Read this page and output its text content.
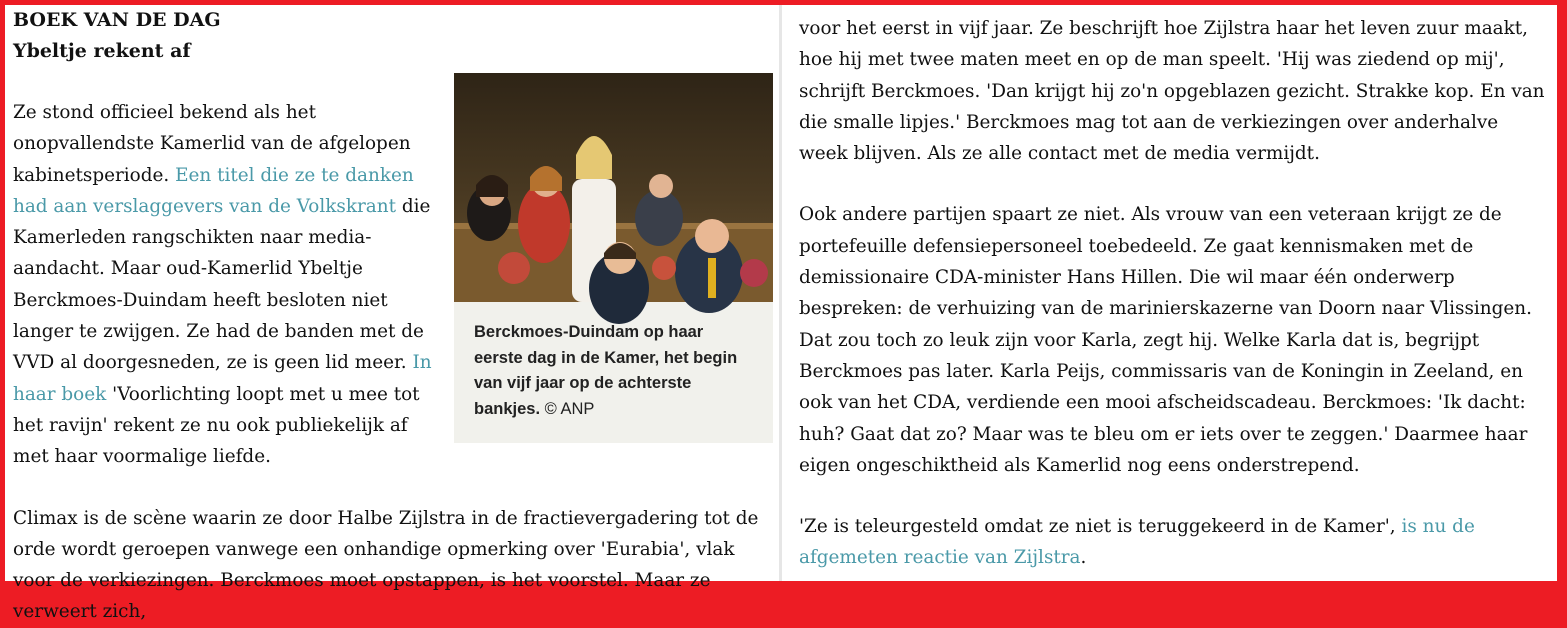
BOEK VAN DE DAG
Ybeltje rekent af
Berckmoes-Duindam op haar eerste dag in de Kamer, het begin van vijf jaar op de achterste bankjes. © ANP

Ze stond officieel bekend als het onopvallendste Kamerlid van de afgelopen kabinetsperiode. Een titel die ze te danken had aan verslaggevers van de Volkskrant die Kamerleden rangschikten naar media-aandacht. Maar oud-Kamerlid Ybeltje Berckmoes-Duindam heeft besloten niet langer te zwijgen. Ze had de banden met de VVD al doorgesneden, ze is geen lid meer. In haar boek 'Voorlichting loopt met u mee tot het ravijn' rekent ze nu ook publiekelijk af met haar voormalige liefde.

Climax is de scène waarin ze door Halbe Zijlstra in de fractievergadering tot de orde wordt geroepen vanwege een onhandige opmerking over 'Eurabia', vlak voor de verkiezingen. Berckmoes moet opstappen, is het voorstel. Maar ze verweert zich,

voor het eerst in vijf jaar. Ze beschrijft hoe Zijlstra haar het leven zuur maakt, hoe hij met twee maten meet en op de man speelt. 'Hij was ziedend op mij', schrijft Berckmoes. 'Dan krijgt hij zo'n opgeblazen gezicht. Strakke kop. En van die smalle lipjes.' Berckmoes mag tot aan de verkiezingen over anderhalve week blijven. Als ze alle contact met de media vermijdt.

Ook andere partijen spaart ze niet. Als vrouw van een veteraan krijgt ze de portefeuille defensiepersoneel toebedeeld. Ze gaat kennismaken met de demissionaire CDA-minister Hans Hillen. Die wil maar één onderwerp bespreken: de verhuizing van de marinierskazerne van Doorn naar Vlissingen. Dat zou toch zo leuk zijn voor Karla, zegt hij. Welke Karla dat is, begrijpt Berckmoes pas later. Karla Peijs, commissaris van de Koningin in Zeeland, en ook van het CDA, verdiende een mooi afscheidscadeau. Berckmoes: 'Ik dacht: huh? Gaat dat zo? Maar was te bleu om er iets over te zeggen.' Daarmee haar eigen ongeschiktheid als Kamerlid nog eens onderstrepend.

'Ze is teleurgesteld omdat ze niet is teruggekeerd in de Kamer', is nu de afgemeten reactie van Zijlstra.
